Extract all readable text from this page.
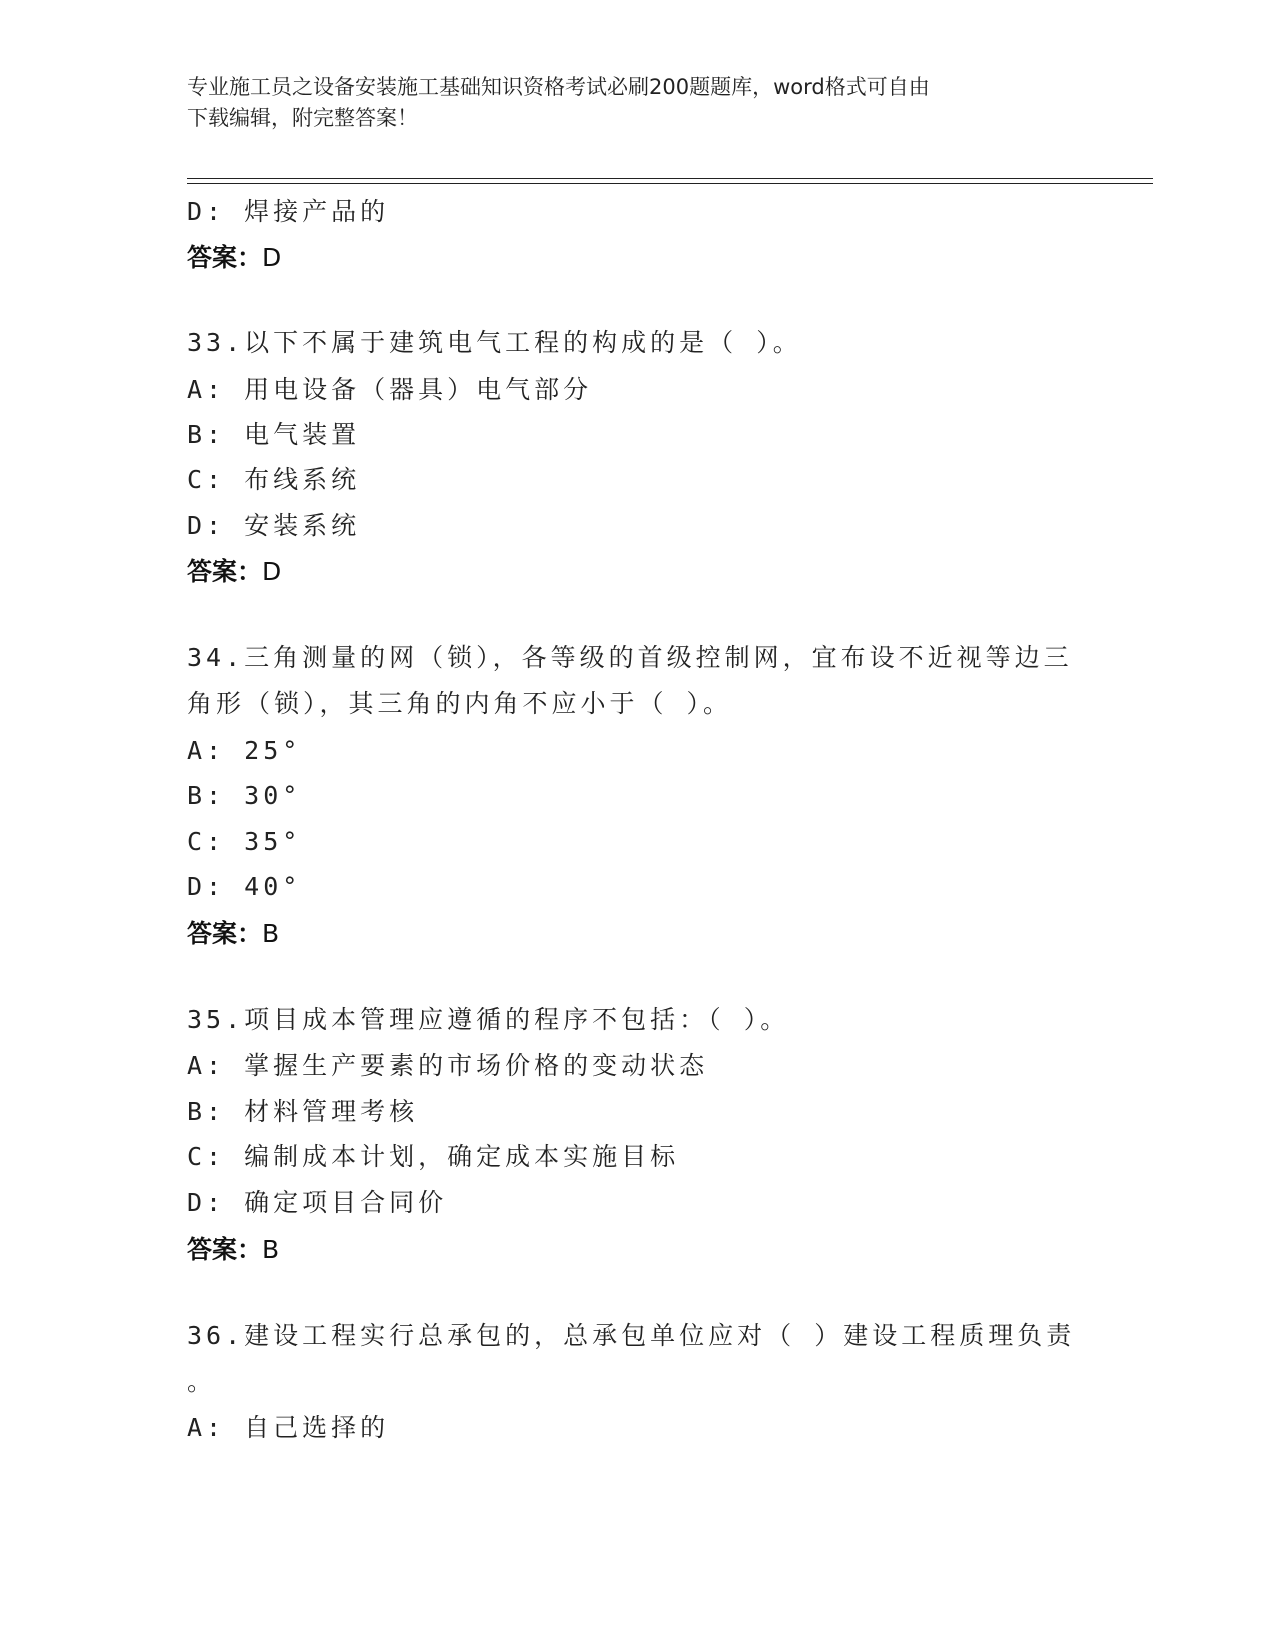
专业施工员之设备安装施工基础知识资格考试必刷200题题库，word格式可自由
下载编辑，附完整答案！
D: 焊接产品的
答案：D
33.以下不属于建筑电气工程的构成的是（ ）。
A: 用电设备（器具）电气部分
B: 电气装置
C: 布线系统
D: 安装系统
答案：D
34.三角测量的网（锁），各等级的首级控制网，宜布设不近视等边三
角形（锁），其三角的内角不应小于（ ）。
A: 25°
B: 30°
C: 35°
D: 40°
答案：B
35.项目成本管理应遵循的程序不包括：（ ）。
A: 掌握生产要素的市场价格的变动状态
B: 材料管理考核
C: 编制成本计划，确定成本实施目标
D: 确定项目合同价
答案：B
36.建设工程实行总承包的，总承包单位应对（ ）建设工程质理负责
。
A: 自己选择的
